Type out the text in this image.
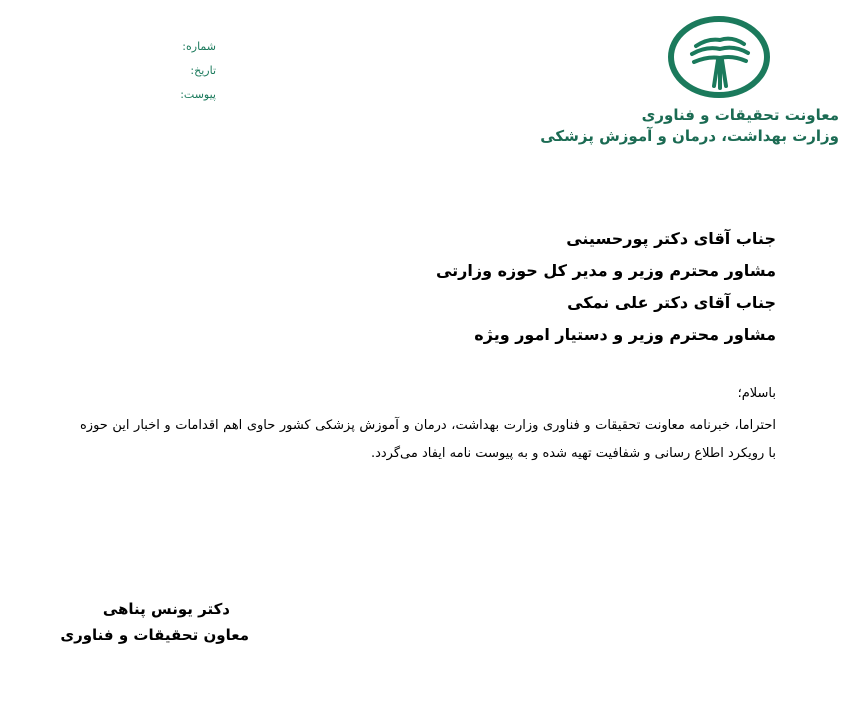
شماره:
تاریخ:
پیوست:
معاونت تحقیقات و فناوری
وزارت بهداشت، درمان و آموزش پزشکی
جناب آقای دکتر پورحسینی
مشاور محترم وزیر و مدیر کل حوزه وزارتی
جناب آقای دکتر علی نمکی
مشاور محترم وزیر و دستیار امور ویژه
باسلام؛
احتراما، خبرنامه معاونت تحقیقات و فناوری وزارت بهداشت، درمان و آموزش پزشکی کشور حاوی اهم اقدامات و اخبار این حوزه با رویکرد اطلاع رسانی و شفافیت تهیه شده و به پیوست نامه ایفاد می‌گردد.
دکتر یونس پناهی
معاون تحقیقات و فناوری
